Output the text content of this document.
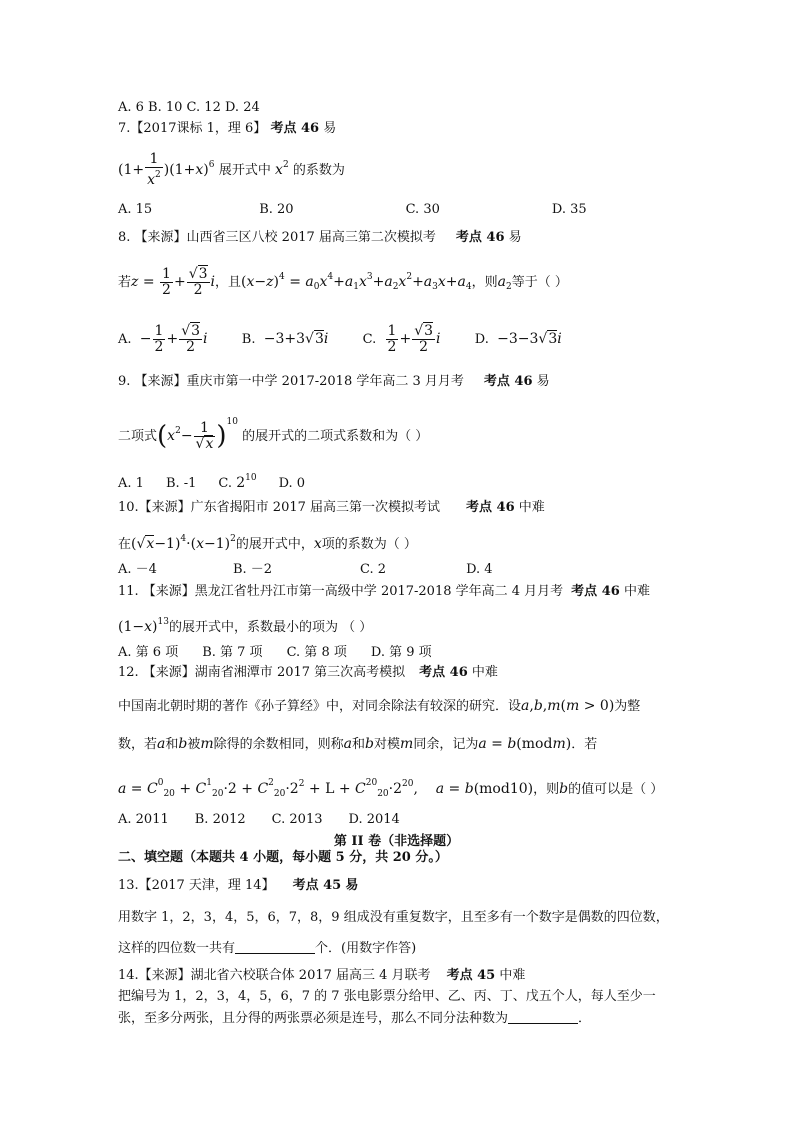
A. 6 B. 10 C. 12 D. 24
7.【2017课标 1，理 6】 考点 46 易
$(1+ \frac{1}{x^2} )(1+x)^6$ 展开式中 $x^2$ 的系数为
A. 15	B. 20	C. 30	D. 35
8. 【来源】山西省三区八校 2017 届高三第二次模拟考 考点 46 易
若$z = \frac{1}{2} + \frac{√3}{2}$ i，且$(x-z)^4 = a_0x^4+a_1x^3+a_2x^2+a_3x+a_4$，则$a_2$等于（ ）
A.  − $\frac{1}{2} + \frac{√3}{2}$ i	B.  −3+3√3i	C. $\frac{1}{2} + \frac{√3}{2}$ i	D.  −3−3√3i
9. 【来源】重庆市第一中学 2017-2018 学年高二 3 月月考 考点 46 易
二项式$(x^2- \frac{1}{√x} )^{10}$ 的展开式的二项式系数和为（ ）
A. 1 B. -1 C. $2^{10}$ D. 0
10.【来源】广东省揭阳市 2017 届高三第一次模拟考试 考点 46 中难
在$(√x-1)^4\cdot(x-1)^2$的展开式中，x项的系数为（ ）
A. －4	B. －2	C. 2	D. 4
11. 【来源】黑龙江省牡丹江市第一高级中学 2017-2018 学年高二 4 月月考 考点 46 中难
$(1-x)^{13}$的展开式中，系数最小的项为 （ ）
A. 第 6 项 B. 第 7 项 C. 第 8 项 D. 第 9 项
12. 【来源】湖南省湘潭市 2017 第三次高考模拟 考点 46 中难
中国南北朝时期的著作《孙子算经》中，对同余除法有较深的研究．设a,b,m(m > 0)为整
数，若a和b被m除得的余数相同，则称a和b对模m同余，记为a = b(modm)．若
$a = C_{020} + C_{120}\cdot 2 + C_{220}\cdot 2^2 + L + C_{2020}\cdot 2^{20}$,    a = b(mod10)，则b的值可以是（ ）
A. 2011 B. 2012 C. 2013 D. 2014
第 II 卷（非选择题）
二、填空题（本题共 4 小题，每小题 5 分，共 20 分。）
13.【2017 天津，理 14】 考点 45 易
用数字 1，2，3，4，5，6，7，8，9 组成没有重复数字，且至多有一个数字是偶数的四位数，
这样的四位数一共有	个．(用数字作答)
14.【来源】湖北省六校联合体 2017 届高三 4 月联考 考点 45 中难
把编号为 1，2，3，4，5，6，7 的 7 张电影票分给甲、乙、丙、丁、戊五个人，每人至少一
张，至多分两张，且分得的两张票必须是连号，那么不同分法种数为	．
